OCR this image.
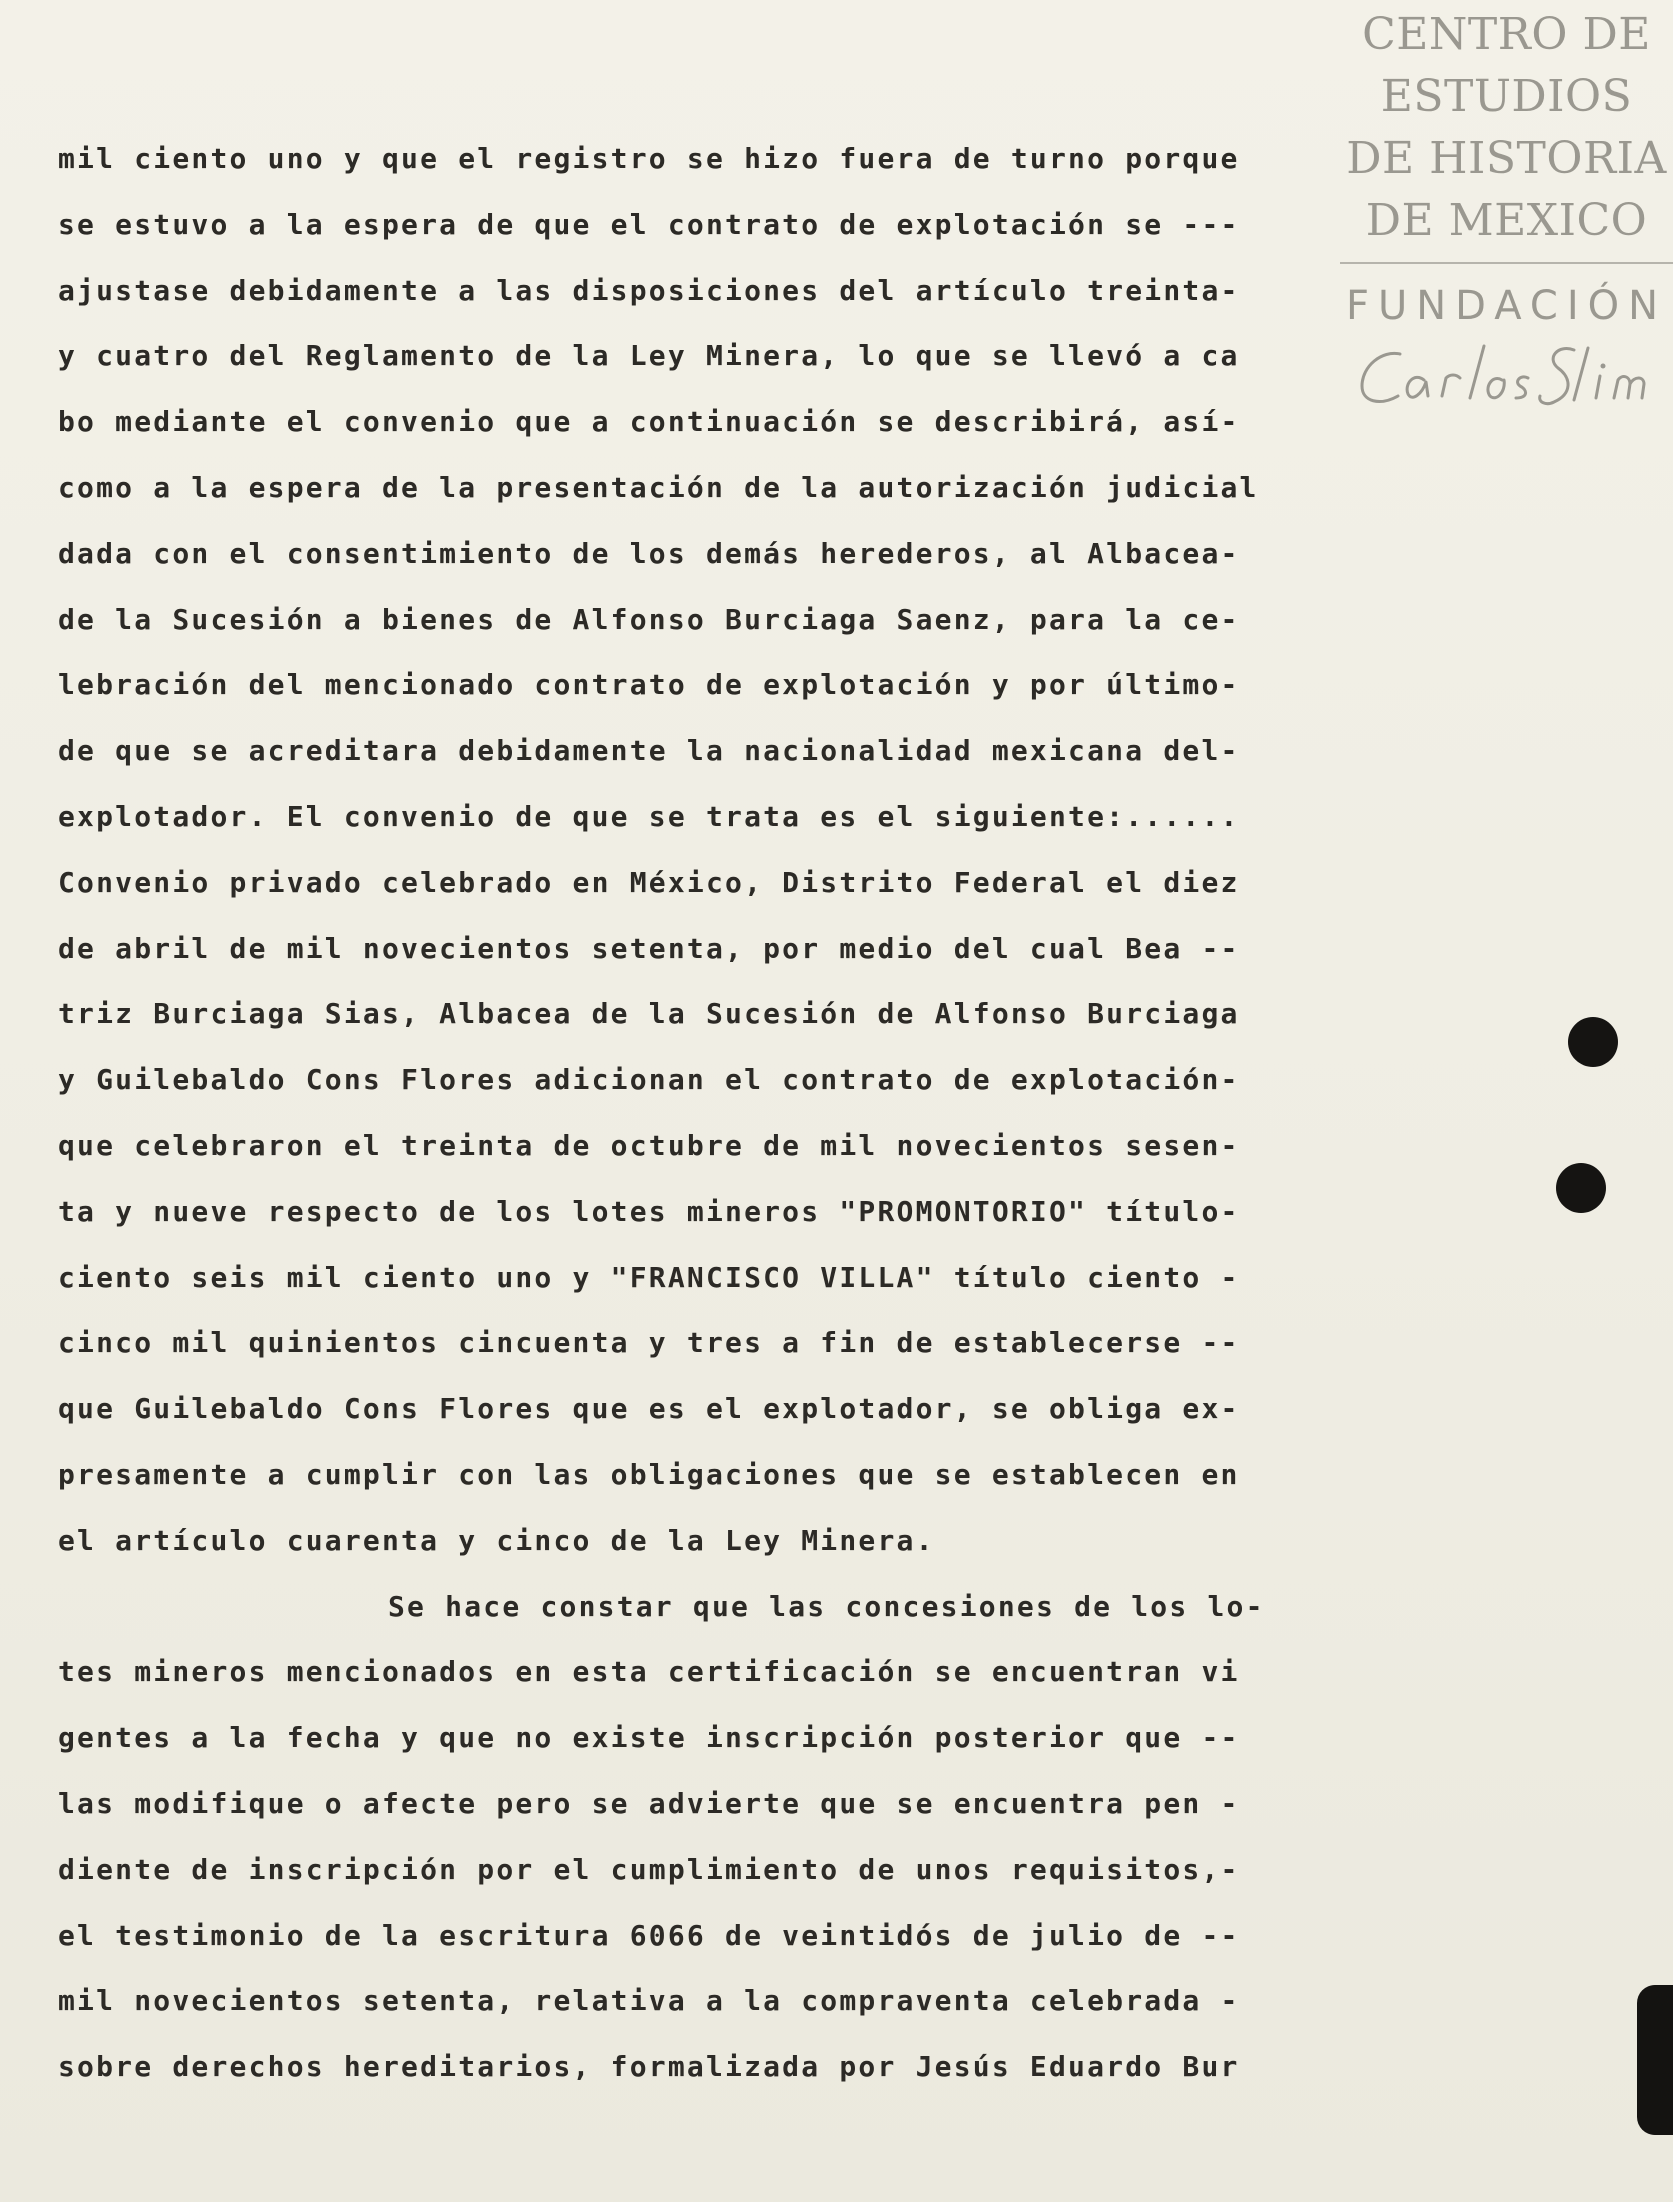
mil ciento uno y que el registro se hizo fuera de turno porque
se estuvo a la espera de que el contrato de explotación se ---
ajustase debidamente a las disposiciones del artículo treinta-
y cuatro del Reglamento de la Ley Minera, lo que se llevó a ca
bo mediante el convenio que a continuación se describirá, así-
como a la espera de la presentación de la autorización judicial
dada con el consentimiento de los demás herederos, al Albacea-
de la Sucesión a bienes de Alfonso Burciaga Saenz, para la ce-
lebración del mencionado contrato de explotación y por último-
de que se acreditara debidamente la nacionalidad mexicana del-
explotador. El convenio de que se trata es el siguiente:......
Convenio privado celebrado en México, Distrito Federal el diez
de abril de mil novecientos setenta, por medio del cual Bea --
triz Burciaga Sias, Albacea de la Sucesión de Alfonso Burciaga
y Guilebaldo Cons Flores adicionan el contrato de explotación-
que celebraron el treinta de octubre de mil novecientos sesen-
ta y nueve respecto de los lotes mineros "PROMONTORIO" título-
ciento seis mil ciento uno y "FRANCISCO VILLA" título ciento -
cinco mil quinientos cincuenta y tres a fin de establecerse --
que Guilebaldo Cons Flores que es el explotador, se obliga ex-
presamente a cumplir con las obligaciones que se establecen en
el artículo cuarenta y cinco de la Ley Minera.
Se hace constar que las concesiones de los lo-
tes mineros mencionados en esta certificación se encuentran vi
gentes a la fecha y que no existe inscripción posterior que --
las modifique o afecte pero se advierte que se encuentra pen -
diente de inscripción por el cumplimiento de unos requisitos,-
el testimonio de la escritura 6066 de veintidós de julio de --
mil novecientos setenta, relativa a la compraventa celebrada -
sobre derechos hereditarios, formalizada por Jesús Eduardo Bur
CENTRO DE
ESTUDIOS
DE HISTORIA
DE MEXICO
FUNDACIÓN
